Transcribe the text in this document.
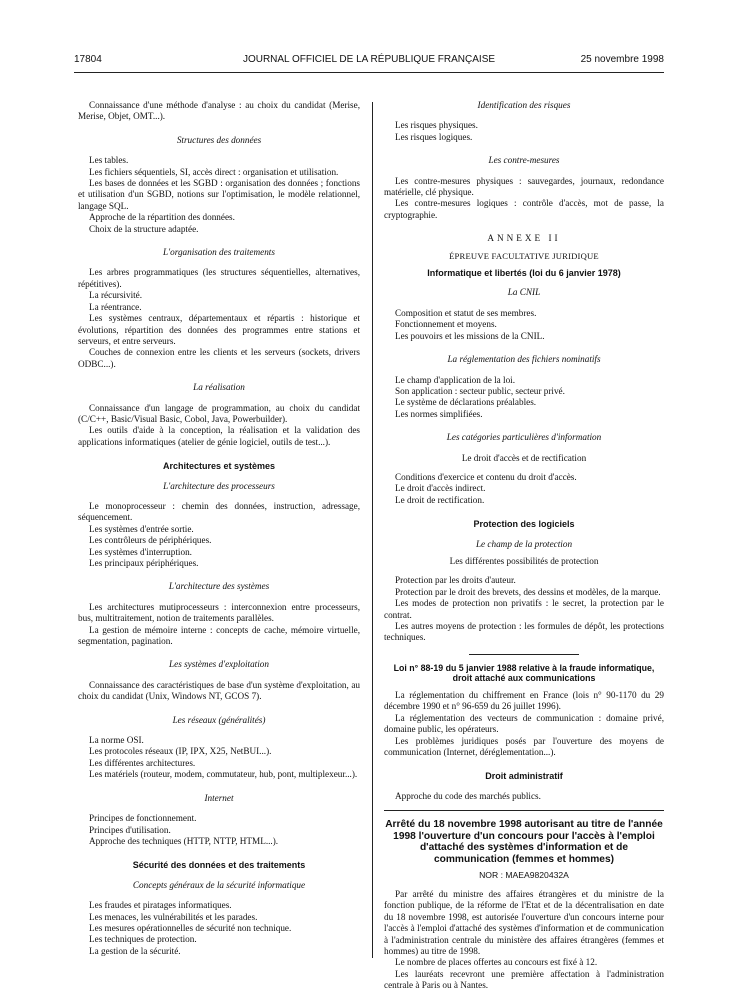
17804	JOURNAL OFFICIEL DE LA RÉPUBLIQUE FRANÇAISE	25 novembre 1998

Connaissance d'une méthode d'analyse : au choix du candidat (Merise, Merise, Objet, OMT...).

Structures des données

Les tables.

Les fichiers séquentiels, SI, accès direct : organisation et utilisation.

Les bases de données et les SGBD : organisation des données ; fonctions et utilisation d'un SGBD, notions sur l'optimisation, le modèle relationnel, langage SQL.

Approche de la répartition des données.

Choix de la structure adaptée.

L'organisation des traitements

Les arbres programmatiques (les structures séquentielles, alternatives, répétitives).

La récursivité.

La réentrance.

Les systèmes centraux, départementaux et répartis : historique et évolutions, répartition des données des programmes entre stations et serveurs, et entre serveurs.

Couches de connexion entre les clients et les serveurs (sockets, drivers ODBC...).

La réalisation

Connaissance d'un langage de programmation, au choix du candidat (C/C++, Basic/Visual Basic, Cobol, Java, Powerbuilder).

Les outils d'aide à la conception, la réalisation et la validation des applications informatiques (atelier de génie logiciel, outils de test...).

Architectures et systèmes
L'architecture des processeurs

Le monoprocesseur : chemin des données, instruction, adressage, séquencement.

Les systèmes d'entrée sortie.

Les contrôleurs de périphériques.

Les systèmes d'interruption.

Les principaux périphériques.

L'architecture des systèmes

Les architectures mutiprocesseurs : interconnexion entre processeurs, bus, multitraitement, notion de traitements parallèles.

La gestion de mémoire interne : concepts de cache, mémoire virtuelle, segmentation, pagination.

Les systèmes d'exploitation

Connaissance des caractéristiques de base d'un système d'exploitation, au choix du candidat (Unix, Windows NT, GCOS 7).

Les réseaux (généralités)

La norme OSI.

Les protocoles réseaux (IP, IPX, X25, NetBUI...).

Les différentes architectures.

Les matériels (routeur, modem, commutateur, hub, pont, multiplexeur...).

Internet

Principes de fonctionnement.

Principes d'utilisation.

Approche des techniques (HTTP, NTTP, HTML...).

Sécurité des données et des traitements
Concepts généraux de la sécurité informatique

Les fraudes et piratages informatiques.

Les menaces, les vulnérabilités et les parades.

Les mesures opérationnelles de sécurité non technique.

Les techniques de protection.

La gestion de la sécurité.

Identification des risques

Les risques physiques.

Les risques logiques.

Les contre-mesures

Les contre-mesures physiques : sauvegardes, journaux, redondance matérielle, clé physique.

Les contre-mesures logiques : contrôle d'accès, mot de passe, la cryptographie.

ANNEXE II
ÉPREUVE FACULTATIVE JURIDIQUE
Informatique et libertés (loi du 6 janvier 1978)
La CNIL

Composition et statut de ses membres.

Fonctionnement et moyens.

Les pouvoirs et les missions de la CNIL.

La réglementation des fichiers nominatifs

Le champ d'application de la loi.

Son application : secteur public, secteur privé.

Le système de déclarations préalables.

Les normes simplifiées.

Les catégories particulières d'information
Le droit d'accès et de rectification

Conditions d'exercice et contenu du droit d'accès.

Le droit d'accès indirect.

Le droit de rectification.

Protection des logiciels
Le champ de la protection
Les différentes possibilités de protection

Protection par les droits d'auteur.

Protection par le droit des brevets, des dessins et modèles, de la marque.

Les modes de protection non privatifs : le secret, la protection par le contrat.

Les autres moyens de protection : les formules de dépôt, les protections techniques.

Loi n° 88-19 du 5 janvier 1988 relative à la fraude informatique, droit attaché aux communications

La réglementation du chiffrement en France (lois n° 90-1170 du 29 décembre 1990 et n° 96-659 du 26 juillet 1996).

La réglementation des vecteurs de communication : domaine privé, domaine public, les opérateurs.

Les problèmes juridiques posés par l'ouverture des moyens de communication (Internet, déréglementation...).

Droit administratif

Approche du code des marchés publics.

Arrêté du 18 novembre 1998 autorisant au titre de l'année 1998 l'ouverture d'un concours pour l'accès à l'emploi d'attaché des systèmes d'information et de communication (femmes et hommes)
NOR : MAEA9820432A

Par arrêté du ministre des affaires étrangères et du ministre de la fonction publique, de la réforme de l'Etat et de la décentralisation en date du 18 novembre 1998, est autorisée l'ouverture d'un concours interne pour l'accès à l'emploi d'attaché des systèmes d'information et de communication à l'administration centrale du ministère des affaires étrangères (femmes et hommes) au titre de 1998.

Le nombre de places offertes au concours est fixé à 12.

Les lauréats recevront une première affectation à l'administration centrale à Paris ou à Nantes.
